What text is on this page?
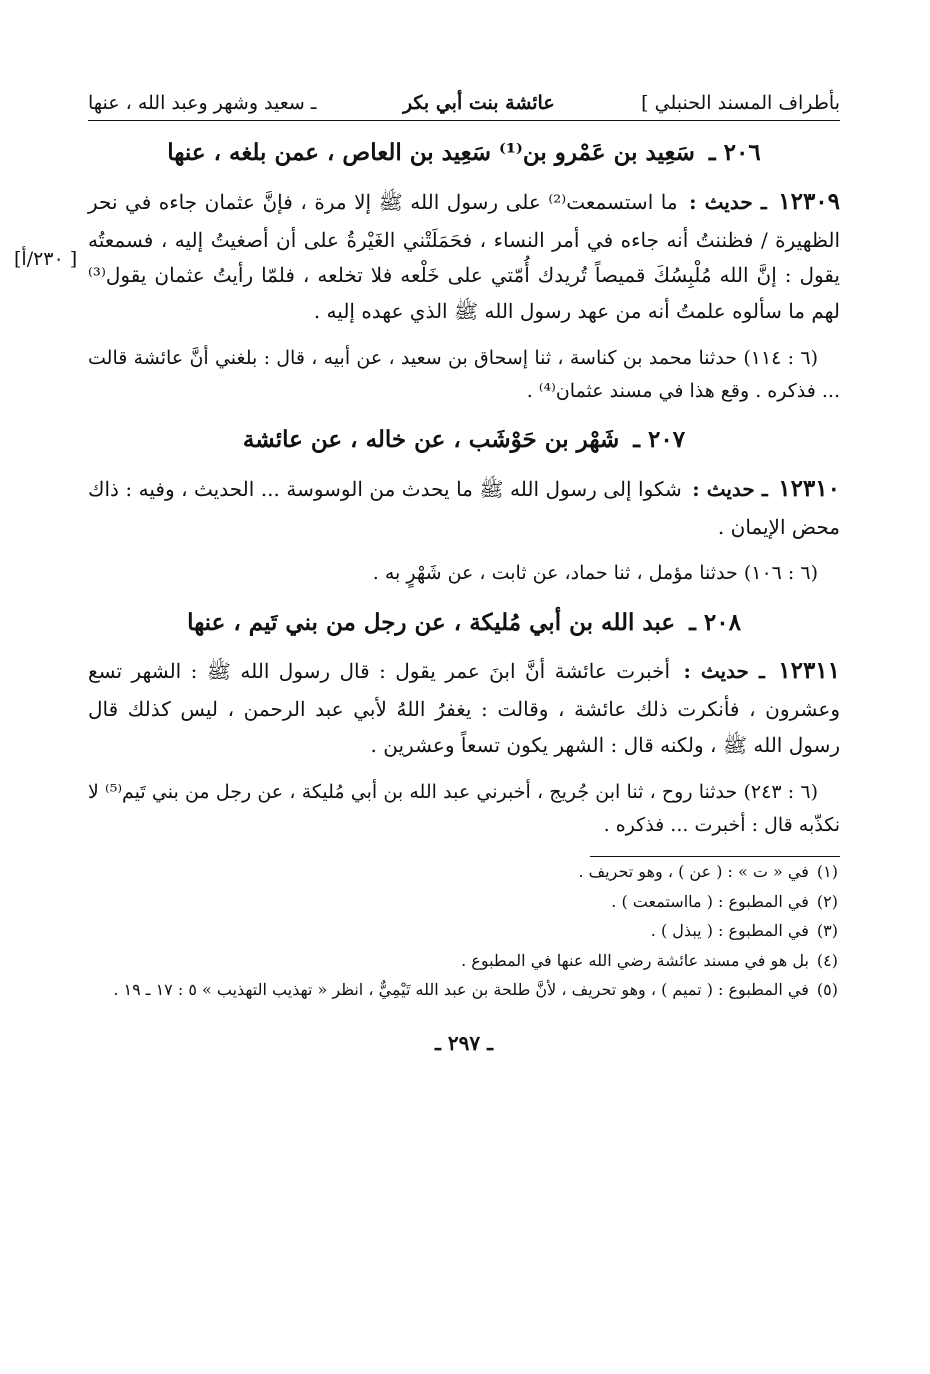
[ ٢٣٠/أ]
بأطراف المسند الحنبلي ]
عائشة بنت أبي بكر
ـ سعيد وشهر وعبد الله ، عنها
٢٠٦ ـ سَعِيد بن عَمْرو بن⁽¹⁾ سَعِيد بن العاص ، عمن بلغه ، عنها

١٢٣٠٩ ـ حديث : ما استسمعت⁽²⁾ على رسول الله ﷺ إلا مرة ، فإنَّ عثمان جاءه في نحر الظهيرة / فظننتُ أنه جاءه في أمر النساء ، فحَمَلَتْني الغَيْرةُ على أن أصغيتُ إليه ، فسمعتُه يقول : إنَّ الله مُلْبِسُكَ قميصاً تُريدك أُمّتي على خَلْعه فلا تخلعه ، فلمّا رأيتُ عثمان يقول⁽³⁾ لهم ما سألوه علمتُ أنه من عهد رسول الله ﷺ الذي عهده إليه .

(٦ : ١١٤) حدثنا محمد بن كناسة ، ثنا إسحاق بن سعيد ، عن أبيه ، قال : بلغني أنَّ عائشة قالت ... فذكره . وقع هذا في مسند عثمان⁽⁴⁾ .

٢٠٧ ـ شَهْر بن حَوْشَب ، عن خاله ، عن عائشة

١٢٣١٠ ـ حديث : شكوا إلى رسول الله ﷺ ما يحدث من الوسوسة ... الحديث ، وفيه : ذاك محض الإيمان .

(٦ : ١٠٦) حدثنا مؤمل ، ثنا حماد، عن ثابت ، عن شَهْرٍ به .

٢٠٨ ـ عبد الله بن أبي مُليكة ، عن رجل من بني تَيم ، عنها

١٢٣١١ ـ حديث : أخبرت عائشة أنَّ ابنَ عمر يقول : قال رسول الله ﷺ : الشهر تسع وعشرون ، فأنكرت ذلك عائشة ، وقالت : يغفرُ اللهُ لأبي عبد الرحمن ، ليس كذلك قال رسول الله ﷺ ، ولكنه قال : الشهر يكون تسعاً وعشرين .

(٦ : ٢٤٣) حدثنا روح ، ثنا ابن جُريج ، أخبرني عبد الله بن أبي مُليكة ، عن رجل من بني تَيم⁽⁵⁾ لا نكذّبه قال : أخبرت ... فذكره .

(١)في « ت » : ( عن ) ، وهو تحريف .
(٢)في المطبوع : ( مااستمعت ) .
(٣)في المطبوع : ( يبذل ) .
(٤)بل هو في مسند عائشة رضي الله عنها في المطبوع .
(٥)في المطبوع : ( تميم ) ، وهو تحريف ، لأنَّ طلحة بن عبد الله تَيْمِيٌّ ، انظر « تهذيب التهذيب » ٥ : ١٧ ـ ١٩ .
ـ ٢٩٧ ـ
